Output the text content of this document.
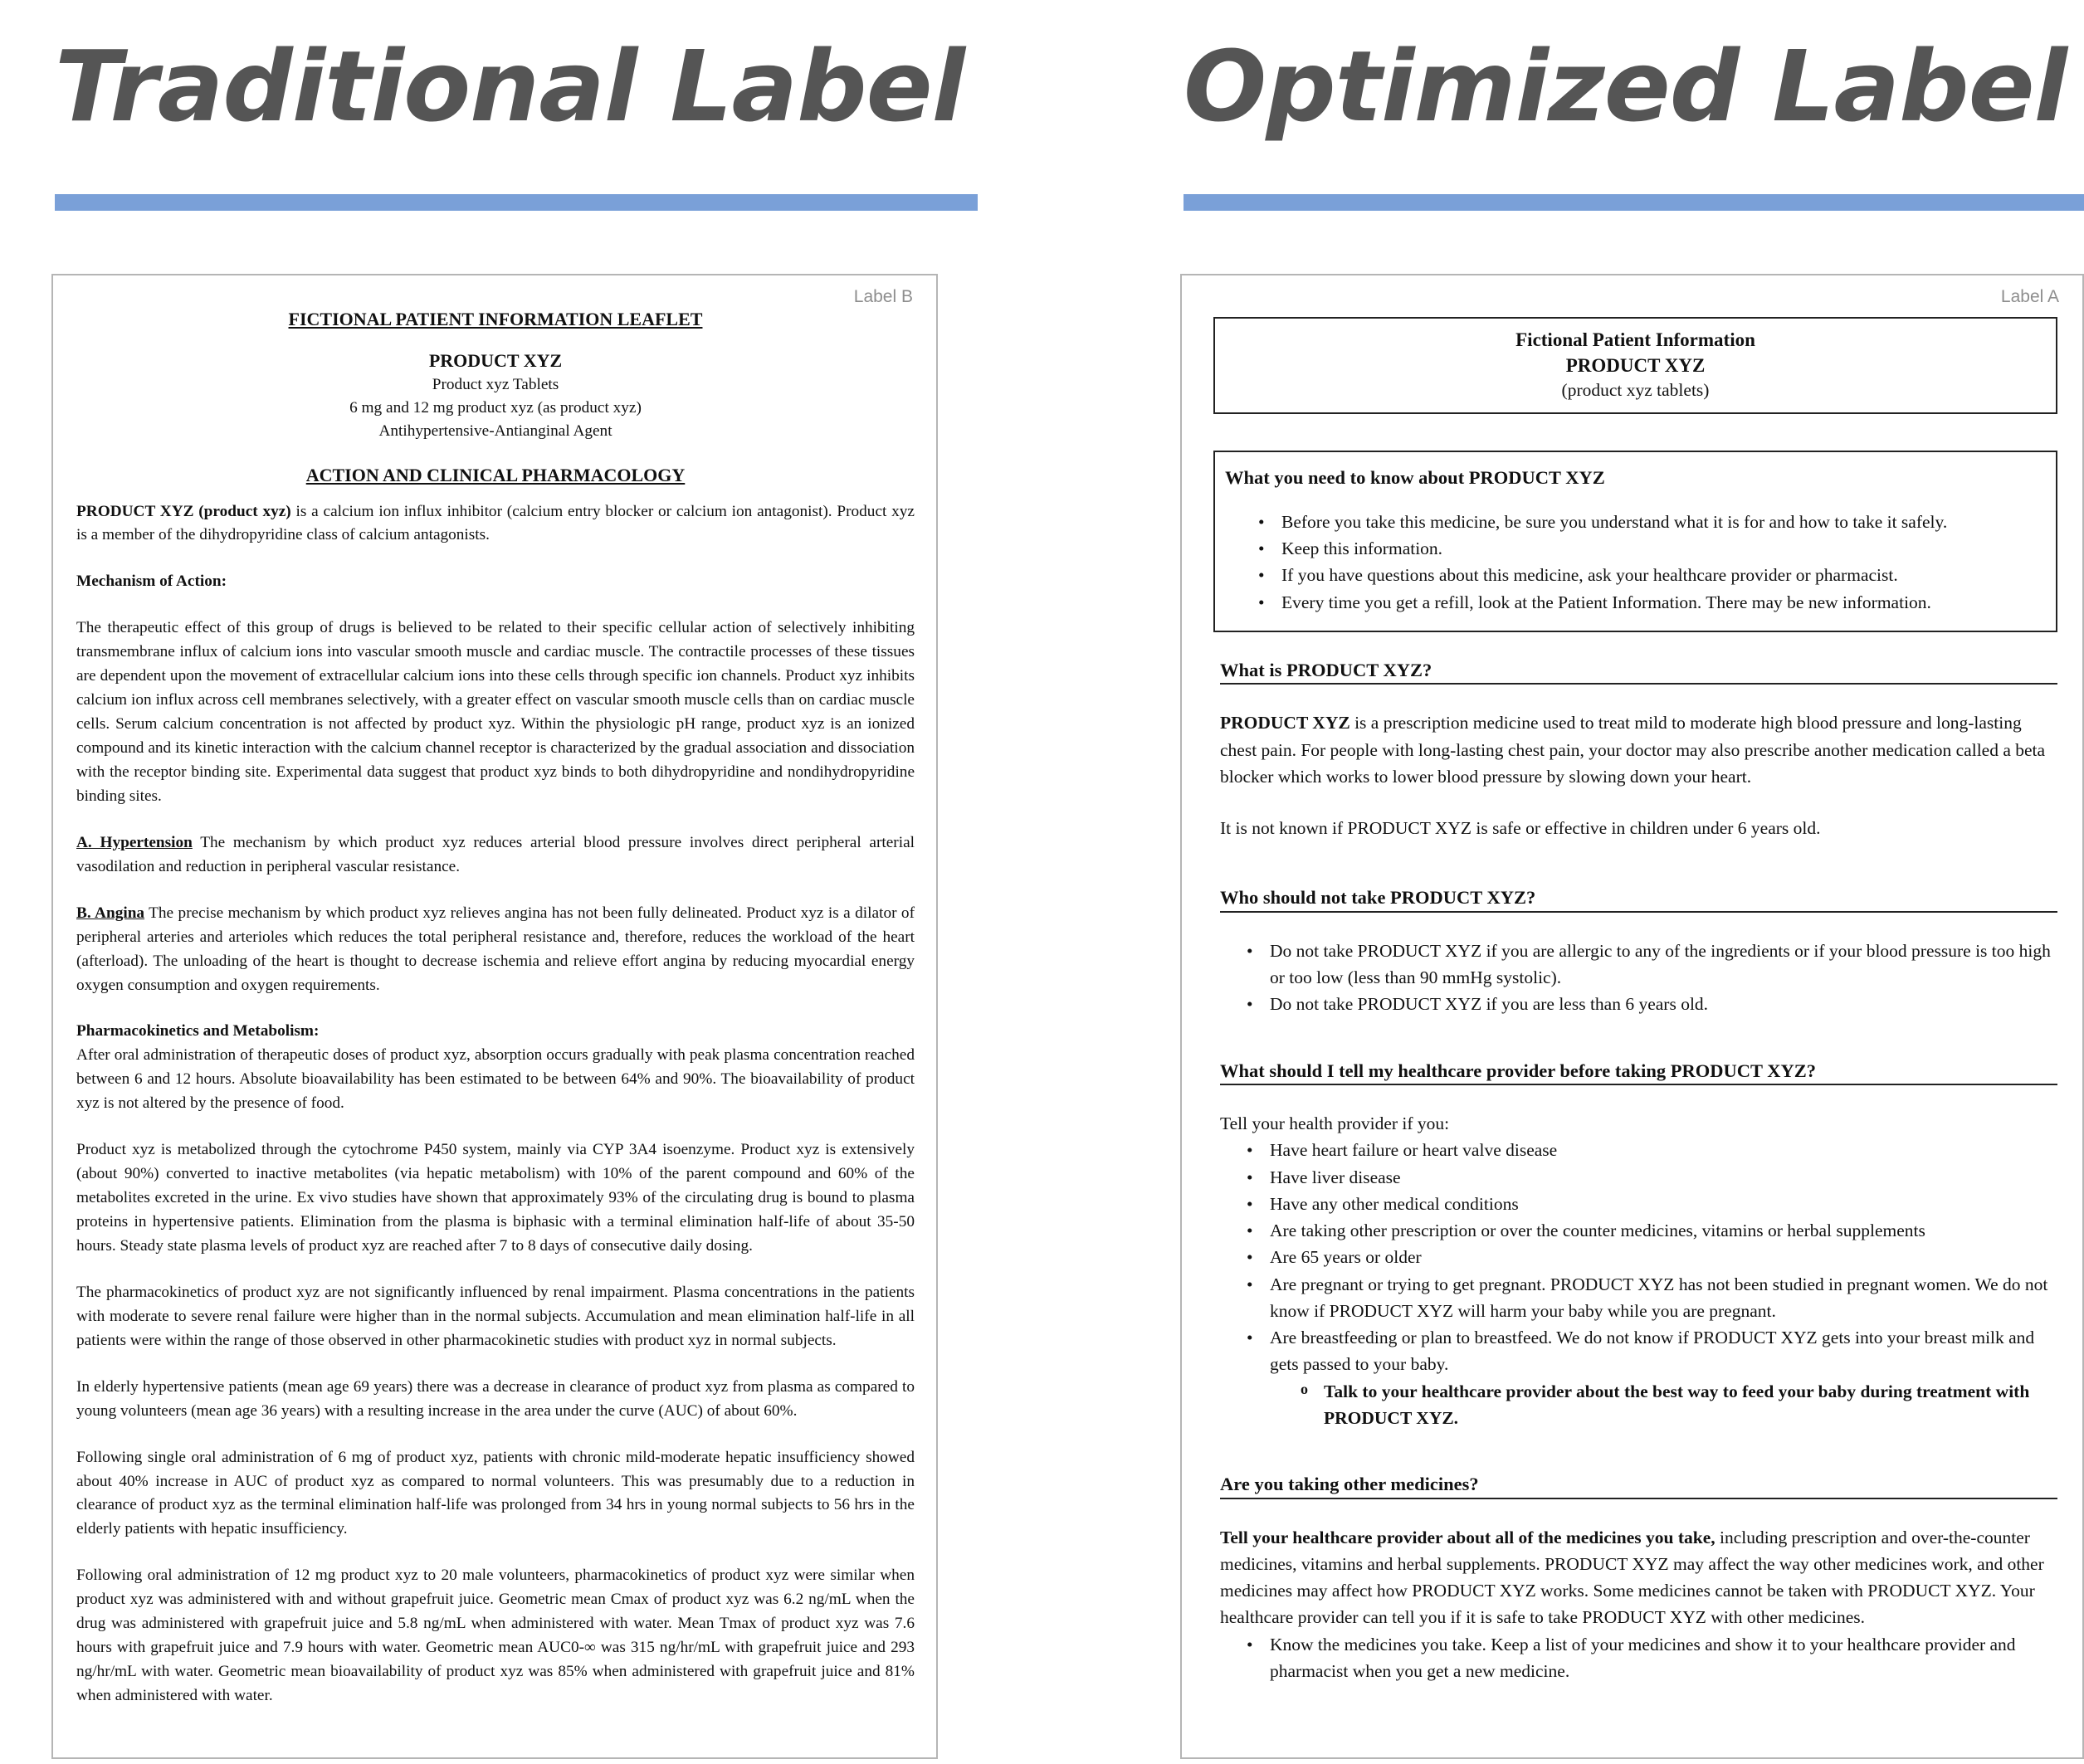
Traditional Label Optimized Label
Label B

FICTIONAL PATIENT INFORMATION LEAFLET

PRODUCT XYZ

Product xyz Tablets

6 mg and 12 mg product xyz (as product xyz)

Antihypertensive-Antianginal Agent

ACTION AND CLINICAL PHARMACOLOGY

PRODUCT XYZ (product xyz) is a calcium ion influx inhibitor (calcium entry blocker or calcium ion antagonist). Product xyz is a member of the dihydropyridine class of calcium antagonists.

Mechanism of Action:

The therapeutic effect of this group of drugs is believed to be related to their specific cellular action of selectively inhibiting transmembrane influx of calcium ions into vascular smooth muscle and cardiac muscle. The contractile processes of these tissues are dependent upon the movement of extracellular calcium ions into these cells through specific ion channels. Product xyz inhibits calcium ion influx across cell membranes selectively, with a greater effect on vascular smooth muscle cells than on cardiac muscle cells. Serum calcium concentration is not affected by product xyz. Within the physiologic pH range, product xyz is an ionized compound and its kinetic interaction with the calcium channel receptor is characterized by the gradual association and dissociation with the receptor binding site. Experimental data suggest that product xyz binds to both dihydropyridine and nondihydropyridine binding sites.

A. Hypertension The mechanism by which product xyz reduces arterial blood pressure involves direct peripheral arterial vasodilation and reduction in peripheral vascular resistance.

B. Angina The precise mechanism by which product xyz relieves angina has not been fully delineated. Product xyz is a dilator of peripheral arteries and arterioles which reduces the total peripheral resistance and, therefore, reduces the workload of the heart (afterload). The unloading of the heart is thought to decrease ischemia and relieve effort angina by reducing myocardial energy oxygen consumption and oxygen requirements.

Pharmacokinetics and Metabolism:

After oral administration of therapeutic doses of product xyz, absorption occurs gradually with peak plasma concentration reached between 6 and 12 hours. Absolute bioavailability has been estimated to be between 64% and 90%. The bioavailability of product xyz is not altered by the presence of food.

Product xyz is metabolized through the cytochrome P450 system, mainly via CYP 3A4 isoenzyme. Product xyz is extensively (about 90%) converted to inactive metabolites (via hepatic metabolism) with 10% of the parent compound and 60% of the metabolites excreted in the urine. Ex vivo studies have shown that approximately 93% of the circulating drug is bound to plasma proteins in hypertensive patients. Elimination from the plasma is biphasic with a terminal elimination half-life of about 35-50 hours. Steady state plasma levels of product xyz are reached after 7 to 8 days of consecutive daily dosing.

The pharmacokinetics of product xyz are not significantly influenced by renal impairment. Plasma concentrations in the patients with moderate to severe renal failure were higher than in the normal subjects. Accumulation and mean elimination half-life in all patients were within the range of those observed in other pharmacokinetic studies with product xyz in normal subjects.

In elderly hypertensive patients (mean age 69 years) there was a decrease in clearance of product xyz from plasma as compared to young volunteers (mean age 36 years) with a resulting increase in the area under the curve (AUC) of about 60%.

Following single oral administration of 6 mg of product xyz, patients with chronic mild-moderate hepatic insufficiency showed about 40% increase in AUC of product xyz as compared to normal volunteers. This was presumably due to a reduction in clearance of product xyz as the terminal elimination half-life was prolonged from 34 hrs in young normal subjects to 56 hrs in the elderly patients with hepatic insufficiency.

Following oral administration of 12 mg product xyz to 20 male volunteers, pharmacokinetics of product xyz were similar when product xyz was administered with and without grapefruit juice. Geometric mean Cmax of product xyz was 6.2 ng/mL when the drug was administered with grapefruit juice and 5.8 ng/mL when administered with water. Mean Tmax of product xyz was 7.6 hours with grapefruit juice and 7.9 hours with water. Geometric mean AUC0-∞ was 315 ng/hr/mL with grapefruit juice and 293 ng/hr/mL with water. Geometric mean bioavailability of product xyz was 85% when administered with grapefruit juice and 81% when administered with water.

Label A
Fictional Patient Information
PRODUCT XYZ
(product xyz tablets)
What you need to know about PRODUCT XYZ
• Before you take this medicine, be sure you understand what it is for and how to take it safely.
• Keep this information.
• If you have questions about this medicine, ask your healthcare provider or pharmacist.
• Every time you get a refill, look at the Patient Information. There may be new information.
What is PRODUCT XYZ?

PRODUCT XYZ is a prescription medicine used to treat mild to moderate high blood pressure and long-lasting chest pain. For people with long-lasting chest pain, your doctor may also prescribe another medication called a beta blocker which works to lower blood pressure by slowing down your heart.

It is not known if PRODUCT XYZ is safe or effective in children under 6 years old.

Who should not take PRODUCT XYZ?
• Do not take PRODUCT XYZ if you are allergic to any of the ingredients or if your blood pressure is too high or too low (less than 90 mmHg systolic).
• Do not take PRODUCT XYZ if you are less than 6 years old.
What should I tell my healthcare provider before taking PRODUCT XYZ?

Tell your health provider if you:

• Have heart failure or heart valve disease
• Have liver disease
• Have any other medical conditions
• Are taking other prescription or over the counter medicines, vitamins or herbal supplements
• Are 65 years or older
• Are pregnant or trying to get pregnant. PRODUCT XYZ has not been studied in pregnant women. We do not know if PRODUCT XYZ will harm your baby while you are pregnant.
• Are breastfeeding or plan to breastfeed. We do not know if PRODUCT XYZ gets into your breast milk and gets passed to your baby.
o Talk to your healthcare provider about the best way to feed your baby during treatment with PRODUCT XYZ.
Are you taking other medicines?

Tell your healthcare provider about all of the medicines you take, including prescription and over-the-counter medicines, vitamins and herbal supplements. PRODUCT XYZ may affect the way other medicines work, and other medicines may affect how PRODUCT XYZ works. Some medicines cannot be taken with PRODUCT XYZ. Your healthcare provider can tell you if it is safe to take PRODUCT XYZ with other medicines.

• Know the medicines you take. Keep a list of your medicines and show it to your healthcare provider and pharmacist when you get a new medicine.
